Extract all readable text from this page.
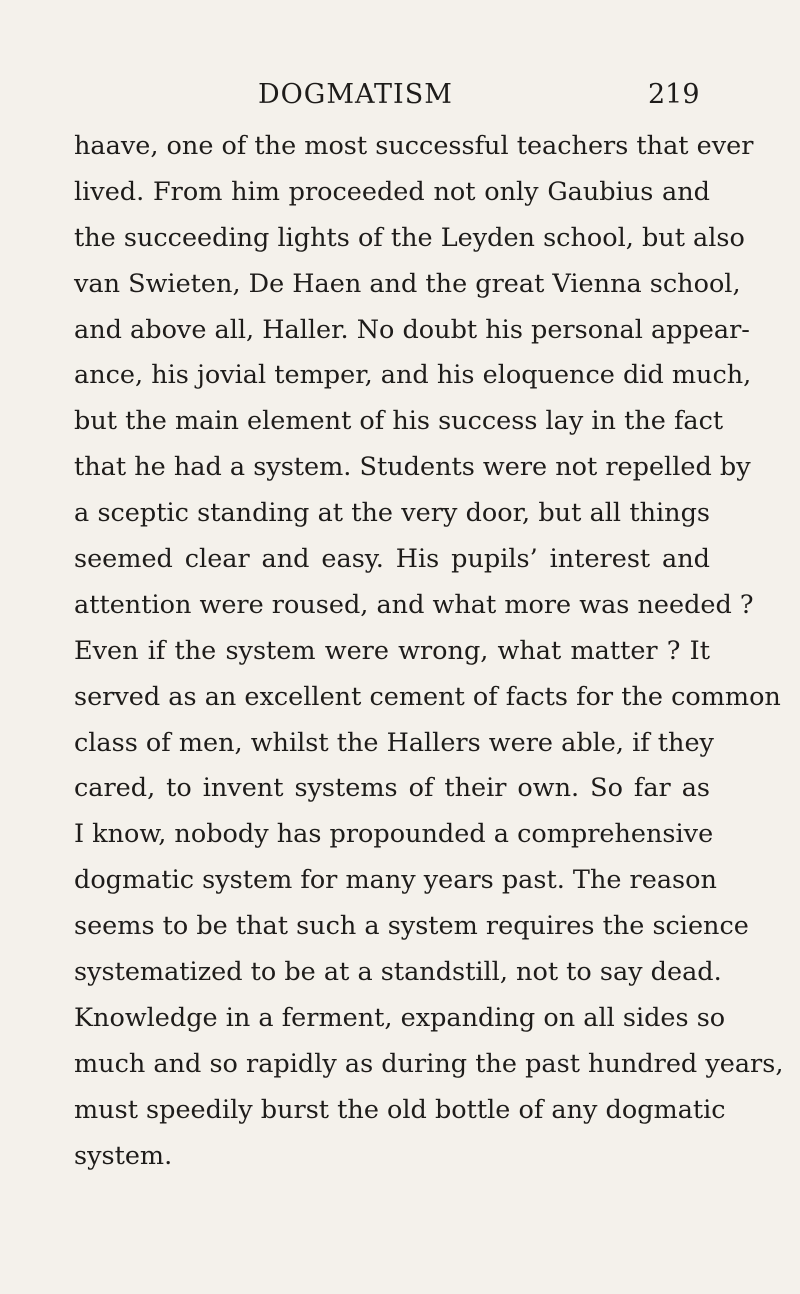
DOGMATISM	219
haave, one of the most successful teachers that ever
lived. From him proceeded not only Gaubius and
the succeeding lights of the Leyden school, but also
van Swieten, De Haen and the great Vienna school,
and above all, Haller. No doubt his personal appear-
ance, his jovial temper, and his eloquence did much,
but the main element of his success lay in the fact
that he had a system. Students were not repelled by
a sceptic standing at the very door, but all things
seemed clear and easy. His pupils’ interest and
attention were roused, and what more was needed ?
Even if the system were wrong, what matter ? It
served as an excellent cement of facts for the common
class of men, whilst the Hallers were able, if they
cared, to invent systems of their own. So far as
I know, nobody has propounded a comprehensive
dogmatic system for many years past. The reason
seems to be that such a system requires the science
systematized to be at a standstill, not to say dead.
Knowledge in a ferment, expanding on all sides so
much and so rapidly as during the past hundred years,
must speedily burst the old bottle of any dogmatic
system.
